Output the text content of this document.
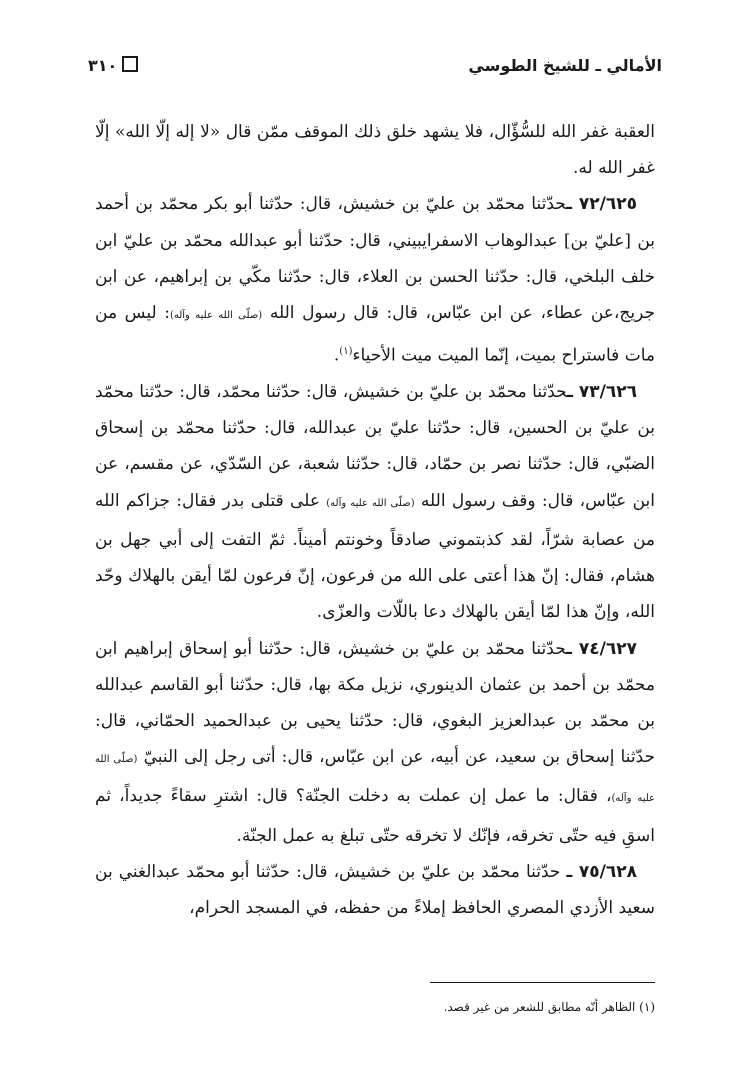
الأمالي ـ للشيخ الطوسي
٣١٠

العقبة غفر الله للسُّؤّال، فلا يشهد خلق ذلك الموقف ممّن قال «لا إله إلّا الله» إلّا غفر الله له.

٧٢/٦٢٥ ـحدّثنا محمّد بن عليّ بن خشيش، قال: حدّثنا أبو بكر محمّد بن أحمد بن [عليّ بن] عبدالوهاب الاسفرايبيني، قال: حدّثنا أبو عبدالله محمّد بن عليّ ابن خلف البلخي، قال: حدّثنا الحسن بن العلاء، قال: حدّثنا مكّي بن إبراهيم، عن ابن جريج،عن عطاء، عن ابن عبّاس، قال: قال رسول الله (صلّى الله عليه وآله): ليس من مات فاستراح بميت، إنّما الميت ميت الأحياء$^{(١)}$.

٧٣/٦٢٦ ـحدّثنا محمّد بن عليّ بن خشيش، قال: حدّثنا محمّد، قال: حدّثنا محمّد بن عليّ بن الحسين، قال: حدّثنا عليّ بن عبدالله، قال: حدّثنا محمّد بن إسحاق الضبّي، قال: حدّثنا نصر بن حمّاد، قال: حدّثنا شعبة، عن السّدّي، عن مقسم، عن ابن عبّاس، قال: وقف رسول الله (صلّى الله عليه وآله) على قتلى بدر فقال: جزاكم الله من عصابة شرّاً، لقد كذبتموني صادقاً وخونتم أميناً. ثمّ التفت إلى أبي جهل بن هشام، فقال: إنّ هذا أعتى على الله من فرعون، إنّ فرعون لمّا أيقن بالهلاك وحّد الله، وإنّ هذا لمّا أيقن بالهلاك دعا باللّات والعزّى.

٧٤/٦٢٧ ـحدّثنا محمّد بن عليّ بن خشيش، قال: حدّثنا أبو إسحاق إبراهيم ابن محمّد بن أحمد بن عثمان الدينوري، نزيل مكة بها، قال: حدّثنا أبو القاسم عبدالله بن محمّد بن عبدالعزيز البغوي، قال: حدّثنا يحيى بن عبدالحميد الحمّاني، قال: حدّثنا إسحاق بن سعيد، عن أبيه، عن ابن عبّاس، قال: أتى رجل إلى النبيّ (صلّى الله عليه وآله)، فقال: ما عمل إن عملت به دخلت الجنّة؟ قال: اشترِ سقاءً جديداً، ثم اسقِ فيه حتّى تخرقه، فإنّك لا تخرقه حتّى تبلغ به عمل الجنّة.

٧٥/٦٢٨ ـ حدّثنا محمّد بن عليّ بن خشيش، قال: حدّثنا أبو محمّد عبدالغني بن سعيد الأزدي المصري الحافظ إملاءً من حفظه، في المسجد الحرام،

(١) الظاهر أنّه مطابق للشعر من غير قصد.
